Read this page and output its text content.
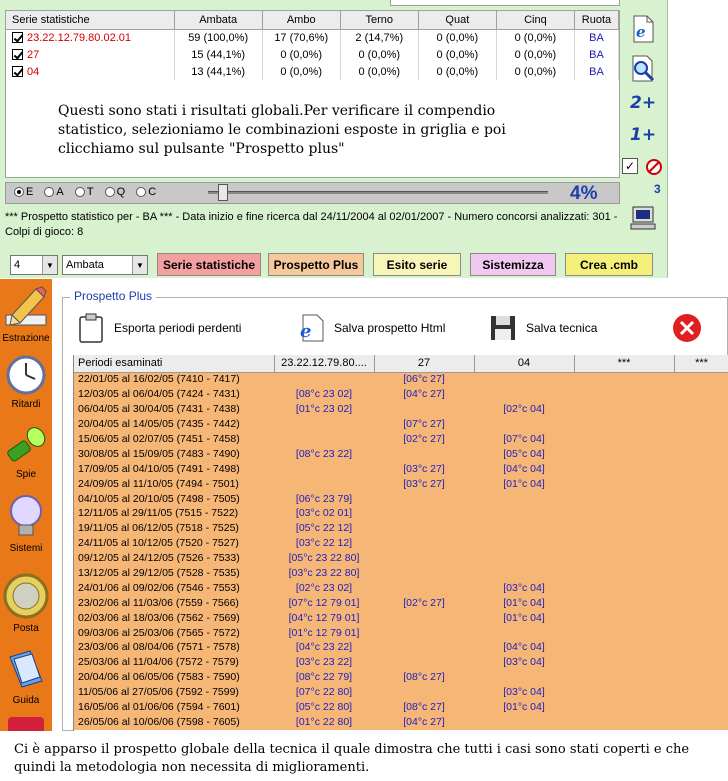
Serie statistiche	Ambata	Ambo	Terno	Quat	Cinq	Ruota
23.22.12.79.80.02.01	59 (100,0%)	17 (70,6%)	2 (14,7%)	0 (0,0%)	0 (0,0%)	BA
27	15 (44,1%)	0 (0,0%)	0 (0,0%)	0 (0,0%)	0 (0,0%)	BA
04	13 (44,1%)	0 (0,0%)	0 (0,0%)	0 (0,0%)	0 (0,0%)	BA
Questi sono stati i risultati globali.Per verificare il compendio statistico, selezioniamo le combinazioni esposte in griglia e poi clicchiamo sul pulsante "Prospetto plus"
e
2+
1+
✓
3
E A T Q C	4%
*** Prospetto statistico per - BA *** - Data inizio e fine ricerca dal 24/11/2004 al 02/01/2007 - Numero concorsi analizzati: 301 - Colpi di gioco: 8
4	▼ Ambata	▼	Serie statistiche	Prospetto Plus	Esito serie	Sistemizza	Crea .cmb
Estrazione
Ritardi
Spie
Sistemi
Posta
Guida
Prospetto Plus
Esporta periodi perdenti	e Salva prospetto Html	Salva tecnica
Periodi esaminati	23.22.12.79.80....	27	04	***	***
22/01/05 al 16/02/05 (7410 - 7417)		[06°c 27]			
12/03/05 al 06/04/05 (7424 - 7431)	[08°c 23 02]	[04°c 27]			
06/04/05 al 30/04/05 (7431 - 7438)	[01°c 23 02]		[02°c 04]		
20/04/05 al 14/05/05 (7435 - 7442)		[07°c 27]			
15/06/05 al 02/07/05 (7451 - 7458)		[02°c 27]	[07°c 04]		
30/08/05 al 15/09/05 (7483 - 7490)	[08°c 23 22]		[05°c 04]		
17/09/05 al 04/10/05 (7491 - 7498)		[03°c 27]	[04°c 04]		
24/09/05 al 11/10/05 (7494 - 7501)		[03°c 27]	[01°c 04]		
04/10/05 al 20/10/05 (7498 - 7505)	[06°c 23 79]				
12/11/05 al 29/11/05 (7515 - 7522)	[03°c 02 01]				
19/11/05 al 06/12/05 (7518 - 7525)	[05°c 22 12]				
24/11/05 al 10/12/05 (7520 - 7527)	[03°c 22 12]				
09/12/05 al 24/12/05 (7526 - 7533)	[05°c 23 22 80]				
13/12/05 al 29/12/05 (7528 - 7535)	[03°c 23 22 80]				
24/01/06 al 09/02/06 (7546 - 7553)	[02°c 23 02]		[03°c 04]		
23/02/06 al 11/03/06 (7559 - 7566)	[07°c 12 79 01]	[02°c 27]	[01°c 04]		
02/03/06 al 18/03/06 (7562 - 7569)	[04°c 12 79 01]		[01°c 04]		
09/03/06 al 25/03/06 (7565 - 7572)	[01°c 12 79 01]				
23/03/06 al 08/04/06 (7571 - 7578)	[04°c 23 22]		[04°c 04]		
25/03/06 al 11/04/06 (7572 - 7579)	[03°c 23 22]		[03°c 04]		
20/04/06 al 06/05/06 (7583 - 7590)	[08°c 22 79]	[08°c 27]			
11/05/06 al 27/05/06 (7592 - 7599)	[07°c 22 80]		[03°c 04]		
16/05/06 al 01/06/06 (7594 - 7601)	[05°c 22 80]	[08°c 27]	[01°c 04]		
26/05/06 al 10/06/06 (7598 - 7605)	[01°c 22 80]	[04°c 27]			
Ci è apparso il prospetto globale della tecnica il quale dimostra che tutti i casi sono stati coperti e che quindi la metodologia non necessita di miglioramenti.
